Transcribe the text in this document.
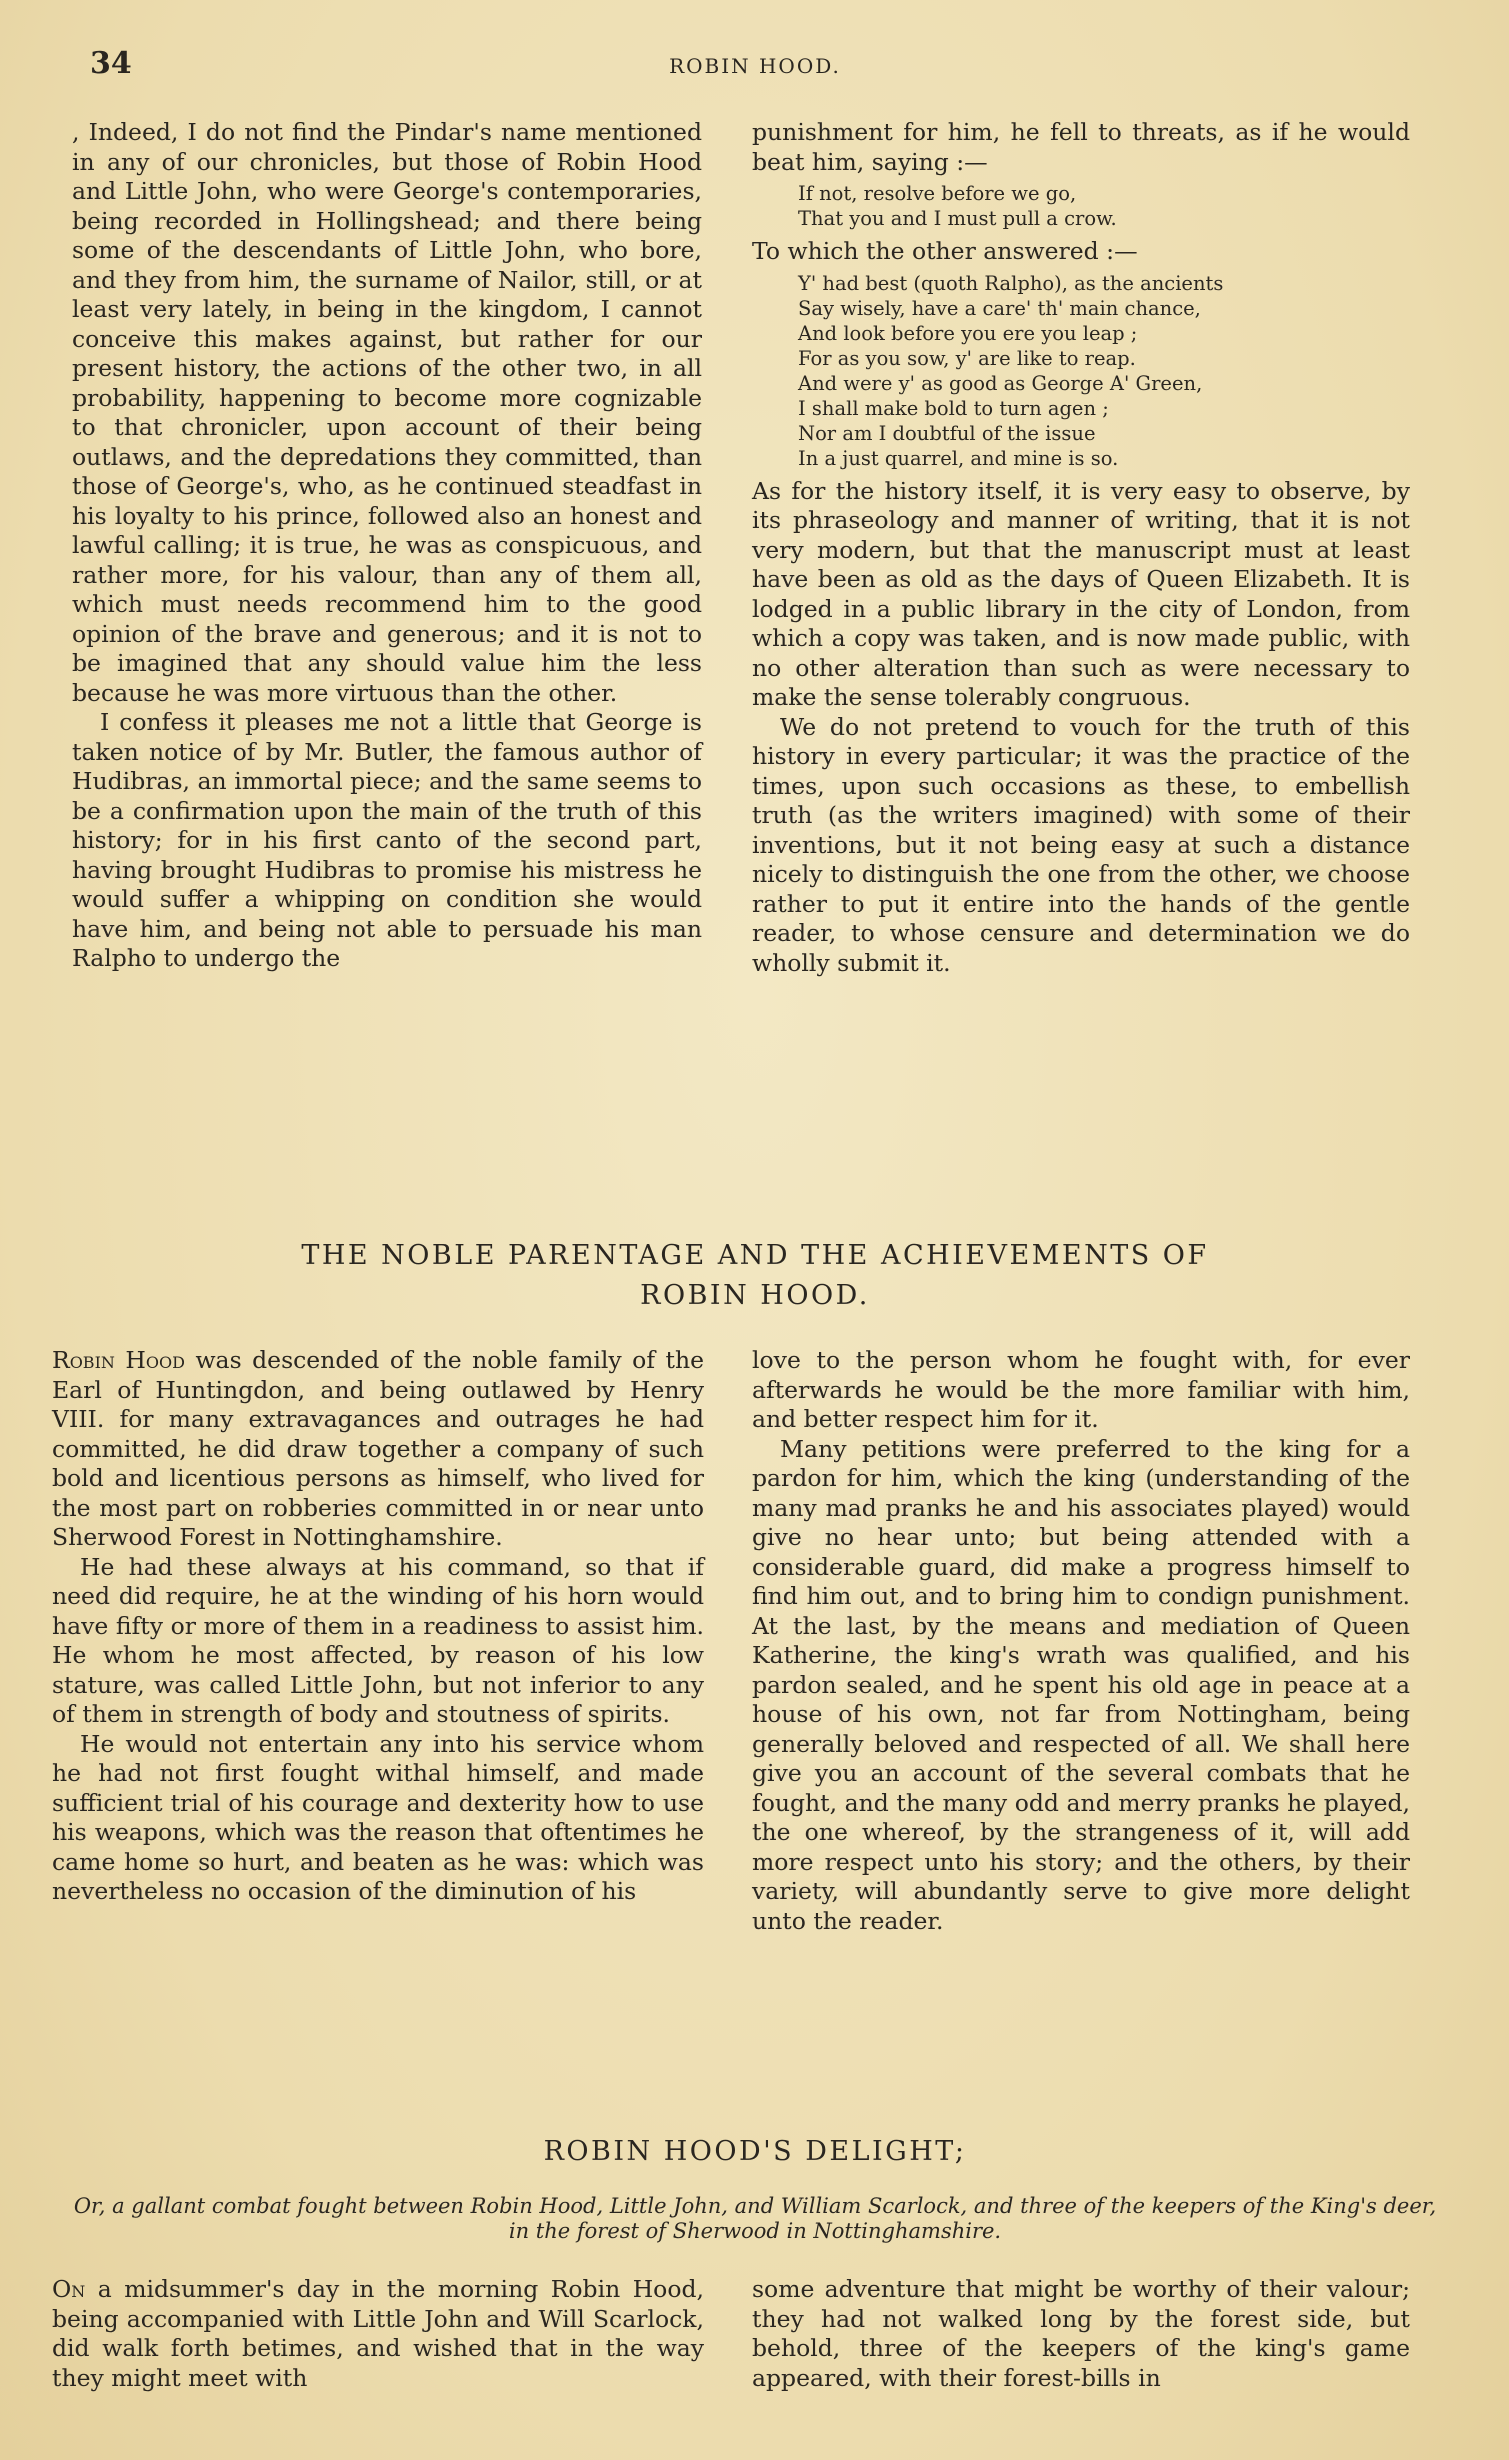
34	ROBIN HOOD.

, Indeed, I do not find the Pindar's name mentioned in any of our chronicles, but those of Robin Hood and Little John, who were George's contemporaries, being recorded in Hollingshead; and there being some of the descendants of Little John, who bore, and they from him, the surname of Nailor, still, or at least very lately, in being in the kingdom, I cannot conceive this makes against, but rather for our present history, the actions of the other two, in all probability, happening to become more cognizable to that chronicler, upon account of their being outlaws, and the depredations they committed, than those of George's, who, as he continued steadfast in his loyalty to his prince, followed also an honest and lawful calling; it is true, he was as conspicuous, and rather more, for his valour, than any of them all, which must needs recommend him to the good opinion of the brave and generous; and it is not to be imagined that any should value him the less because he was more virtuous than the other.

I confess it pleases me not a little that George is taken notice of by Mr. Butler, the famous author of Hudibras, an immortal piece; and the same seems to be a confirmation upon the main of the truth of this history; for in his first canto of the second part, having brought Hudibras to promise his mistress he would suffer a whipping on condition she would have him, and being not able to persuade his man Ralpho to undergo the

punishment for him, he fell to threats, as if he would beat him, saying :—

If not, resolve before we go,
That you and I must pull a crow.

To which the other answered :—

Y' had best (quoth Ralpho), as the ancients
Say wisely, have a care' th' main chance,
And look before you ere you leap ;
For as you sow, y' are like to reap.
And were y' as good as George A' Green,
I shall make bold to turn agen ;
Nor am I doubtful of the issue
In a just quarrel, and mine is so.

As for the history itself, it is very easy to observe, by its phraseology and manner of writing, that it is not very modern, but that the manuscript must at least have been as old as the days of Queen Elizabeth. It is lodged in a public library in the city of London, from which a copy was taken, and is now made public, with no other alteration than such as were necessary to make the sense tolerably congruous.

We do not pretend to vouch for the truth of this history in every particular; it was the practice of the times, upon such occasions as these, to embellish truth (as the writers imagined) with some of their inventions, but it not being easy at such a distance nicely to distinguish the one from the other, we choose rather to put it entire into the hands of the gentle reader, to whose censure and determination we do wholly submit it.

THE NOBLE PARENTAGE AND THE ACHIEVEMENTS OF
ROBIN HOOD.

Robin Hood was descended of the noble family of the Earl of Huntingdon, and being outlawed by Henry VIII. for many extravagances and outrages he had committed, he did draw together a company of such bold and licentious persons as himself, who lived for the most part on robberies committed in or near unto Sherwood Forest in Nottinghamshire.

He had these always at his command, so that if need did require, he at the winding of his horn would have fifty or more of them in a readiness to assist him. He whom he most affected, by reason of his low stature, was called Little John, but not inferior to any of them in strength of body and stoutness of spirits.

He would not entertain any into his service whom he had not first fought withal himself, and made sufficient trial of his courage and dexterity how to use his weapons, which was the reason that oftentimes he came home so hurt, and beaten as he was: which was nevertheless no occasion of the diminution of his

love to the person whom he fought with, for ever afterwards he would be the more familiar with him, and better respect him for it.

Many petitions were preferred to the king for a pardon for him, which the king (understanding of the many mad pranks he and his associates played) would give no hear unto; but being attended with a considerable guard, did make a progress himself to find him out, and to bring him to condign punishment. At the last, by the means and mediation of Queen Katherine, the king's wrath was qualified, and his pardon sealed, and he spent his old age in peace at a house of his own, not far from Nottingham, being generally beloved and respected of all. We shall here give you an account of the several combats that he fought, and the many odd and merry pranks he played, the one whereof, by the strangeness of it, will add more respect unto his story; and the others, by their variety, will abundantly serve to give more delight unto the reader.

ROBIN HOOD'S DELIGHT;
Or, a gallant combat fought between Robin Hood, Little John, and William Scarlock, and three of the keepers of the King's deer, in the forest of Sherwood in Nottinghamshire.

On a midsummer's day in the morning Robin Hood, being accompanied with Little John and Will Scarlock, did walk forth betimes, and wished that in the way they might meet with

some adventure that might be worthy of their valour; they had not walked long by the forest side, but behold, three of the keepers of the king's game appeared, with their forest-bills in
